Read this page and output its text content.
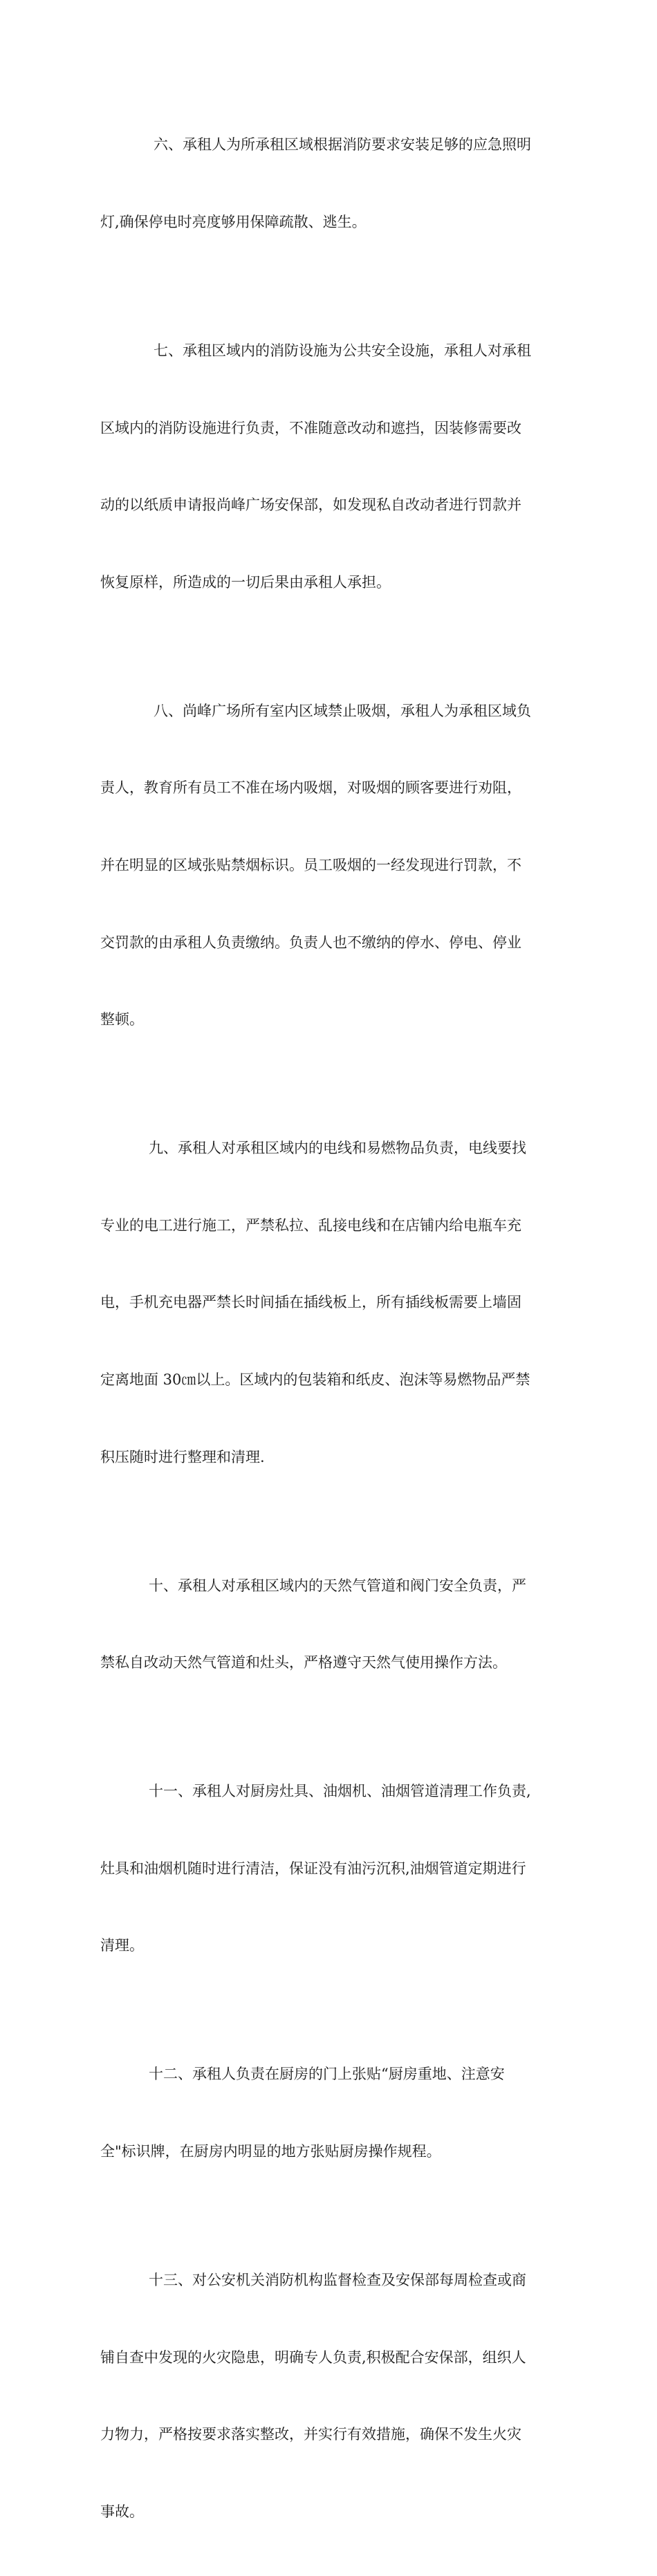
六、承租人为所承租区域根据消防要求安装足够的应急照明

灯,确保停电时亮度够用保障疏散、逃生。

七、承租区域内的消防设施为公共安全设施，承租人对承租

区域内的消防设施进行负责，不准随意改动和遮挡，因装修需要改

动的以纸质申请报尚峰广场安保部，如发现私自改动者进行罚款并

恢复原样，所造成的一切后果由承租人承担。

八、尚峰广场所有室内区域禁止吸烟，承租人为承租区域负

责人，教育所有员工不准在场内吸烟，对吸烟的顾客要进行劝阻，

并在明显的区域张贴禁烟标识。员工吸烟的一经发现进行罚款，不

交罚款的由承租人负责缴纳。负责人也不缴纳的停水、停电、停业

整顿。

九、承租人对承租区域内的电线和易燃物品负责，电线要找

专业的电工进行施工，严禁私拉、乱接电线和在店铺内给电瓶车充

电，手机充电器严禁长时间插在插线板上，所有插线板需要上墙固

定离地面 30㎝以上。区域内的包装箱和纸皮、泡沫等易燃物品严禁

积压随时进行整理和清理.

十、承租人对承租区域内的天然气管道和阀门安全负责，严

禁私自改动天然气管道和灶头，严格遵守天然气使用操作方法。

十一、承租人对厨房灶具、油烟机、油烟管道清理工作负责,

灶具和油烟机随时进行清洁，保证没有油污沉积,油烟管道定期进行

清理。

十二、承租人负责在厨房的门上张贴“厨房重地、注意安

全"标识牌，在厨房内明显的地方张贴厨房操作规程。

十三、对公安机关消防机构监督检查及安保部每周检查或商

铺自查中发现的火灾隐患，明确专人负责,积极配合安保部，组织人

力物力，严格按要求落实整改，并实行有效措施，确保不发生火灾

事故。
